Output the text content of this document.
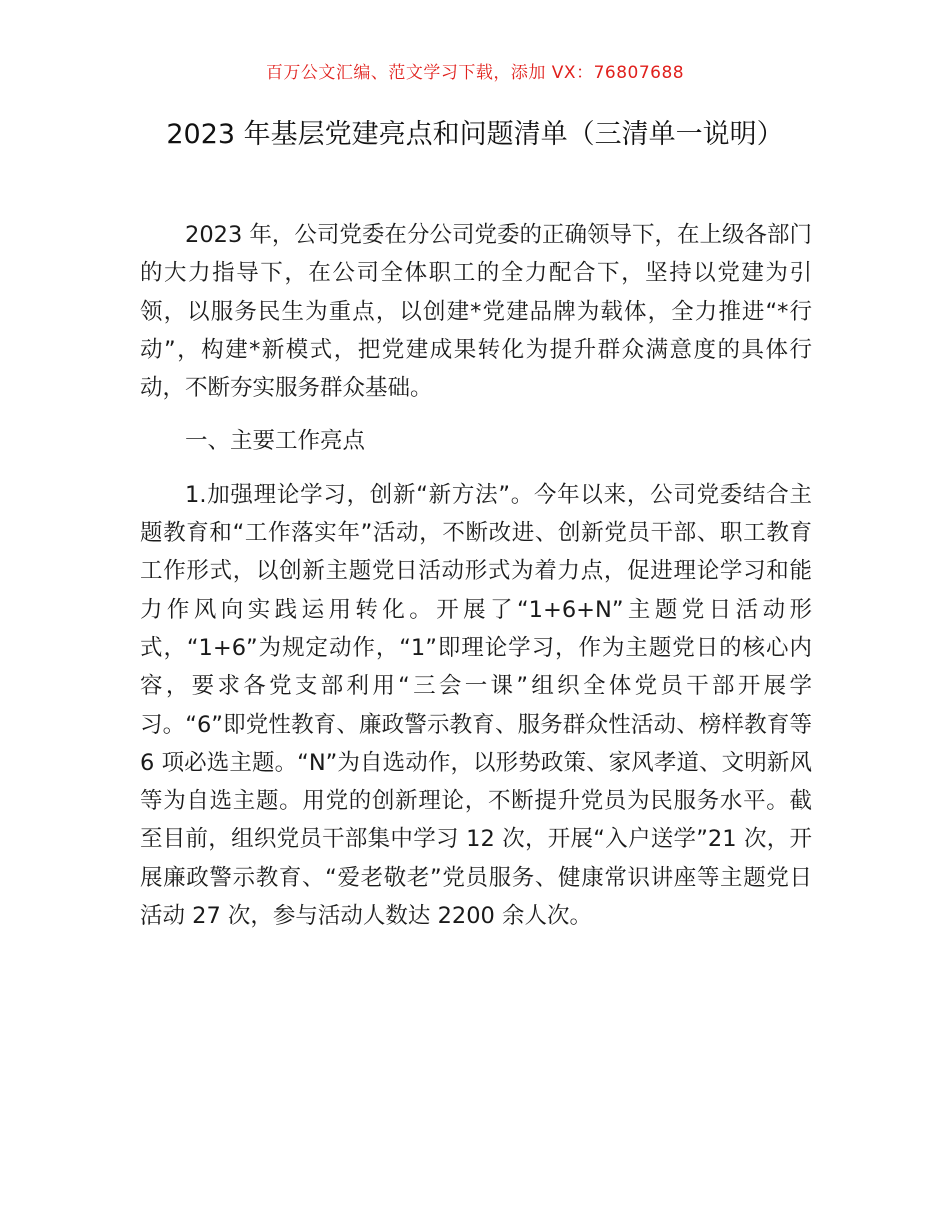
百万公文汇编、范文学习下载，添加 VX：76807688
2023 年基层党建亮点和问题清单（三清单一说明）

2023 年，公司党委在分公司党委的正确领导下，在上级各部门的大力指导下，在公司全体职工的全力配合下，坚持以党建为引领，以服务民生为重点，以创建*党建品牌为载体，全力推进“*行动”，构建*新模式，把党建成果转化为提升群众满意度的具体行动，不断夯实服务群众基础。

一、主要工作亮点

1.加强理论学习，创新“新方法”。今年以来，公司党委结合主题教育和“工作落实年”活动，不断改进、创新党员干部、职工教育工作形式，以创新主题党日活动形式为着力点，促进理论学习和能力作风向实践运用转化。开展了“1+6+N”主题党日活动形式，“1+6”为规定动作，“1”即理论学习，作为主题党日的核心内容，要求各党支部利用“三会一课”组织全体党员干部开展学习。“6”即党性教育、廉政警示教育、服务群众性活动、榜样教育等 6 项必选主题。“N”为自选动作，以形势政策、家风孝道、文明新风等为自选主题。用党的创新理论，不断提升党员为民服务水平。截至目前，组织党员干部集中学习 12 次，开展“入户送学”21 次，开展廉政警示教育、“爱老敬老”党员服务、健康常识讲座等主题党日活动 27 次，参与活动人数达 2200 余人次。
